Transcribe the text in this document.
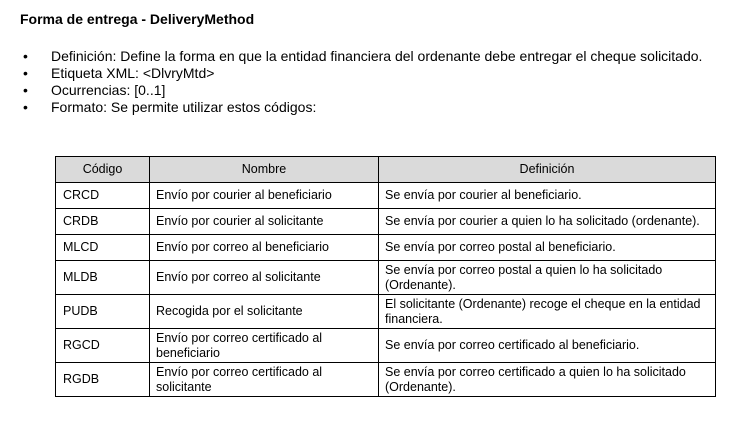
Forma de entrega - DeliveryMethod
• Definición: Define la forma en que la entidad financiera del ordenante debe entregar el cheque solicitado.
• Etiqueta XML: <DlvryMtd>
• Ocurrencias: [0..1]
• Formato: Se permite utilizar estos códigos:
Código	Nombre	Definición
CRCD	Envío por courier al beneficiario	Se envía por courier al beneficiario.
CRDB	Envío por courier al solicitante	Se envía por courier a quien lo ha solicitado (ordenante).
MLCD	Envío por correo al beneficiario	Se envía por correo postal al beneficiario.
MLDB	Envío por correo al solicitante	Se envía por correo postal a quien lo ha solicitado (Ordenante).
PUDB	Recogida por el solicitante	El solicitante (Ordenante) recoge el cheque en la entidad financiera.
RGCD	Envío por correo certificado al beneficiario	Se envía por correo certificado al beneficiario.
RGDB	Envío por correo certificado al solicitante	Se envía por correo certificado a quien lo ha solicitado (Ordenante).
